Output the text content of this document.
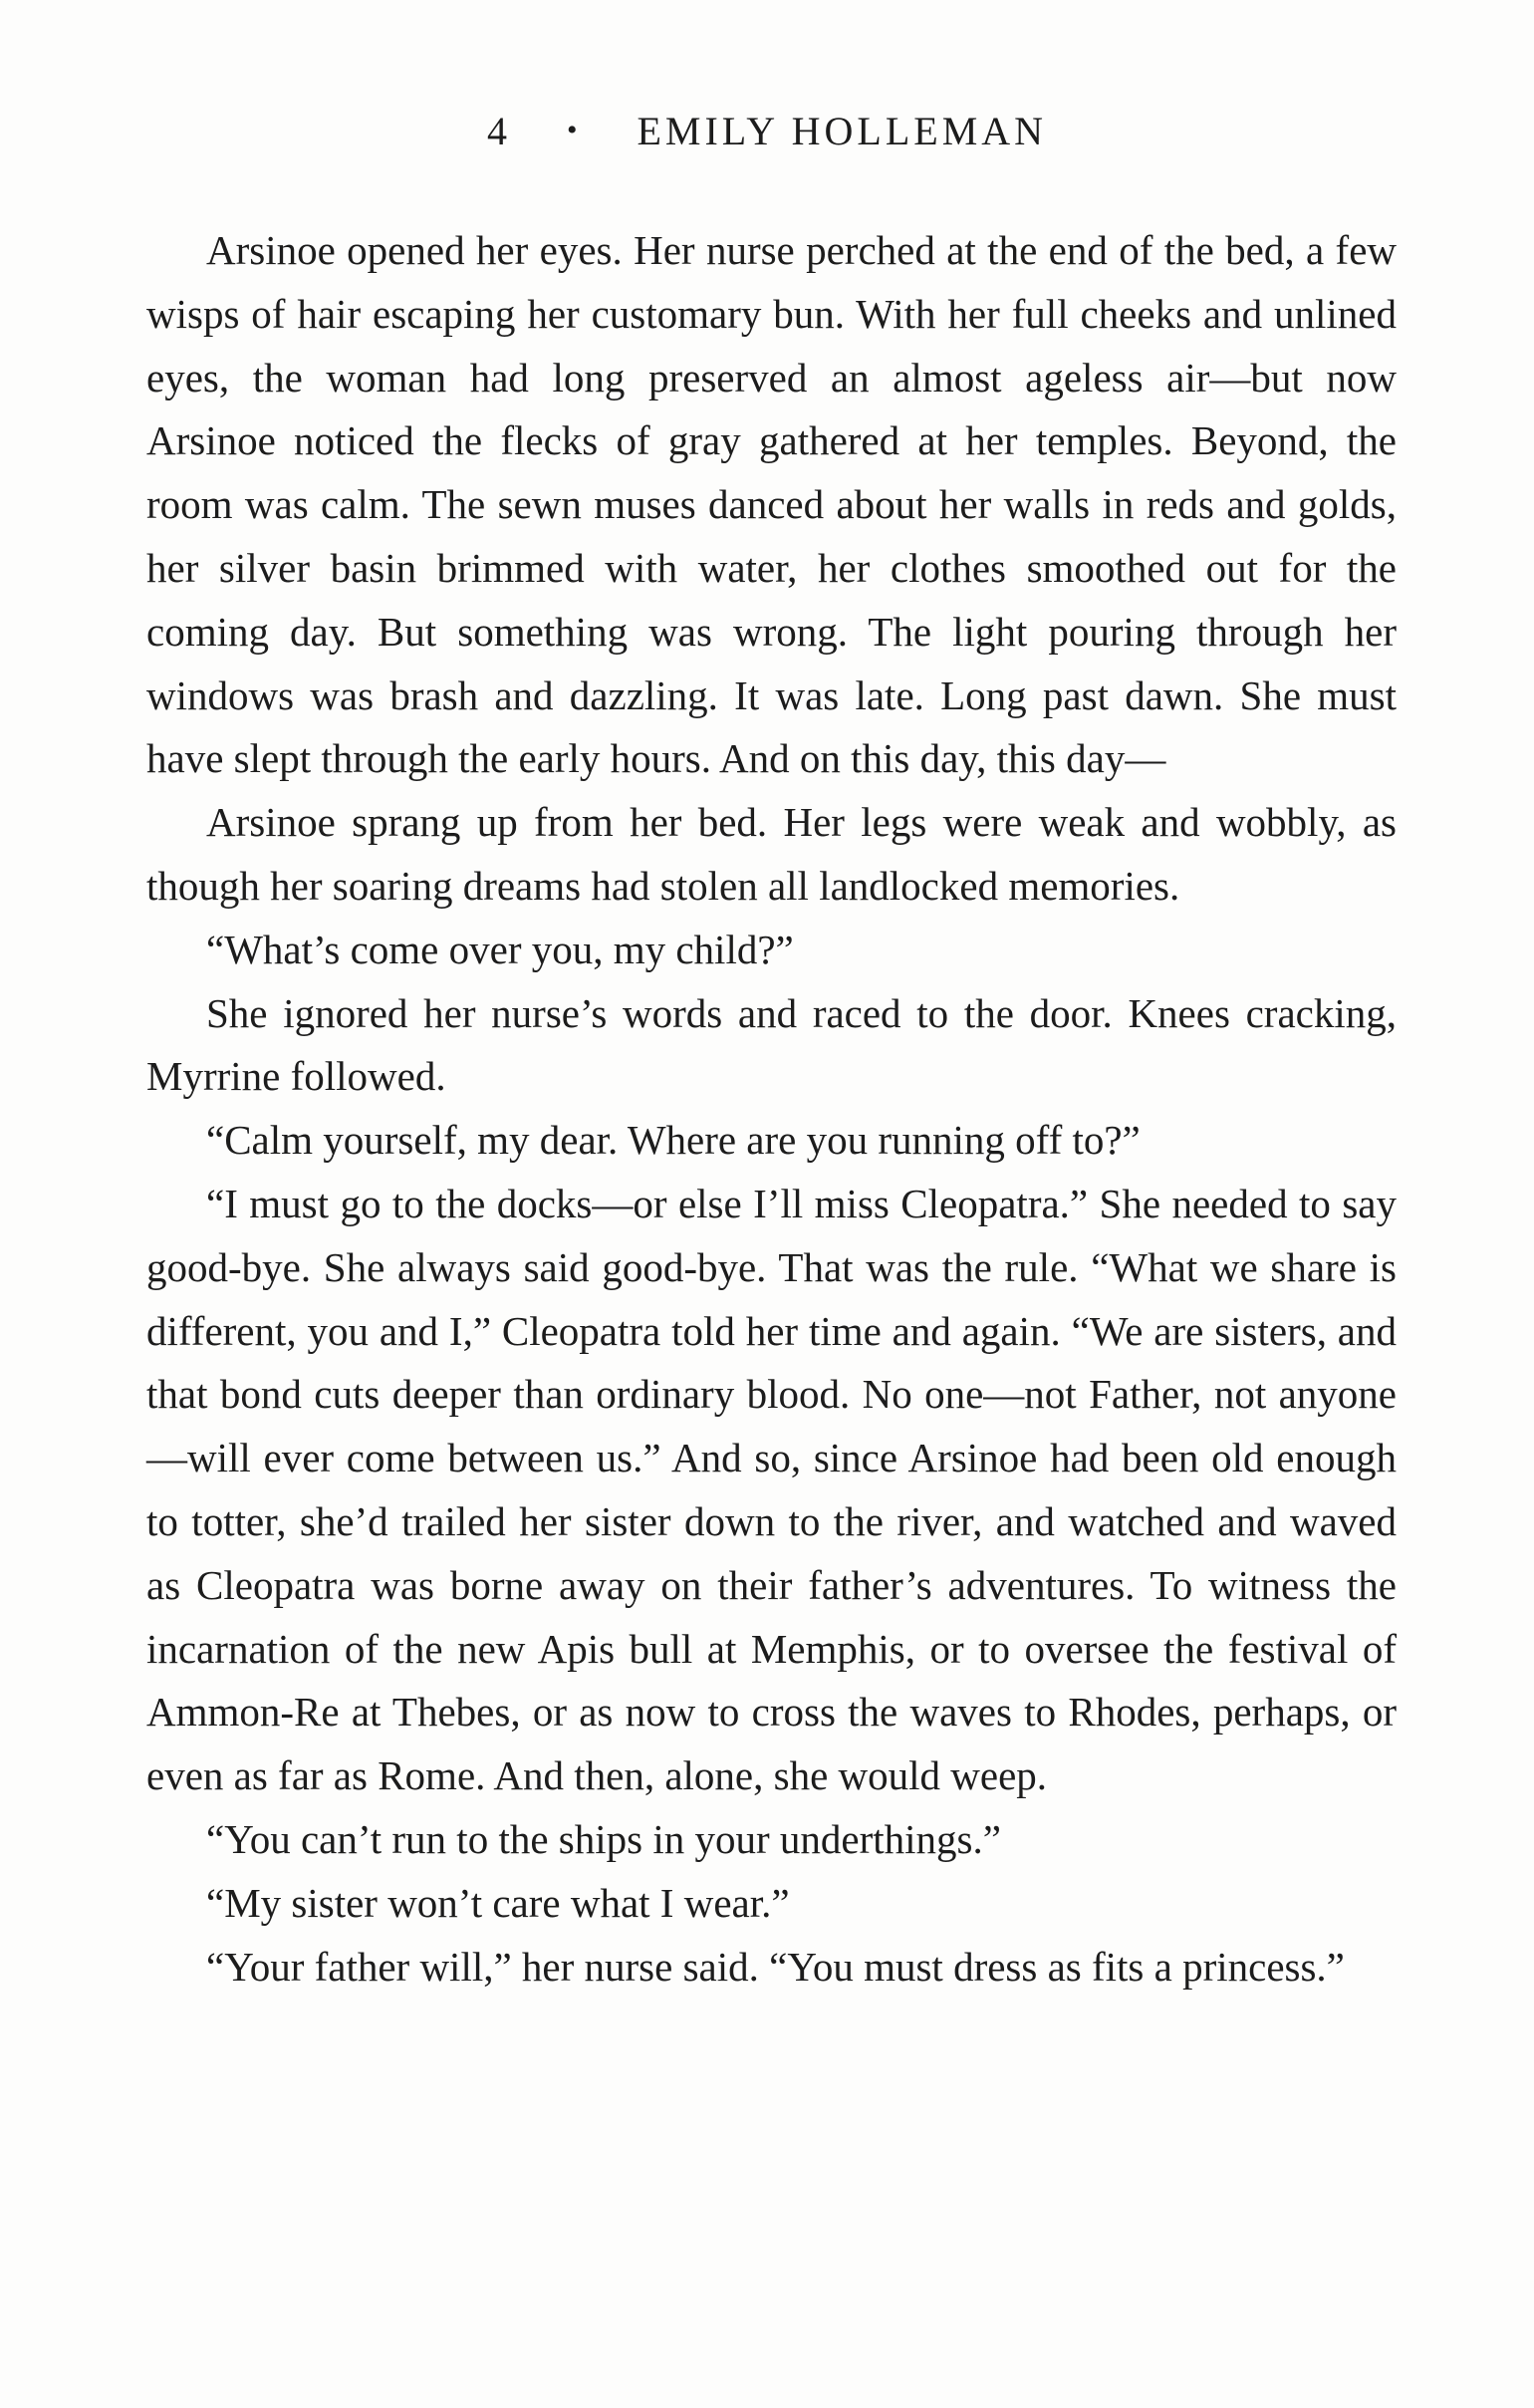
4 • EMILY HOLLEMAN

Arsinoe opened her eyes. Her nurse perched at the end of the bed, a few wisps of hair escaping her customary bun. With her full cheeks and unlined eyes, the woman had long preserved an almost ageless air—but now Arsinoe noticed the flecks of gray gathered at her temples. Beyond, the room was calm. The sewn muses danced about her walls in reds and golds, her silver basin brimmed with water, her clothes smoothed out for the coming day. But something was wrong. The light pouring through her windows was brash and dazzling. It was late. Long past dawn. She must have slept through the early hours. And on this day, this day—

Arsinoe sprang up from her bed. Her legs were weak and wobbly, as though her soaring dreams had stolen all landlocked memories.

“What’s come over you, my child?”

She ignored her nurse’s words and raced to the door. Knees cracking, Myrrine followed.

“Calm yourself, my dear. Where are you running off to?”

“I must go to the docks—or else I’ll miss Cleopatra.” She needed to say good-bye. She always said good-bye. That was the rule. “What we share is different, you and I,” Cleopatra told her time and again. “We are sisters, and that bond cuts deeper than ordinary blood. No one—not Father, not anyone—will ever come between us.” And so, since Arsinoe had been old enough to totter, she’d trailed her sister down to the river, and watched and waved as Cleopatra was borne away on their father’s adventures. To witness the incarnation of the new Apis bull at Memphis, or to oversee the festival of Ammon-Re at Thebes, or as now to cross the waves to Rhodes, perhaps, or even as far as Rome. And then, alone, she would weep.

“You can’t run to the ships in your underthings.”

“My sister won’t care what I wear.”

“Your father will,” her nurse said. “You must dress as fits a princess.”
